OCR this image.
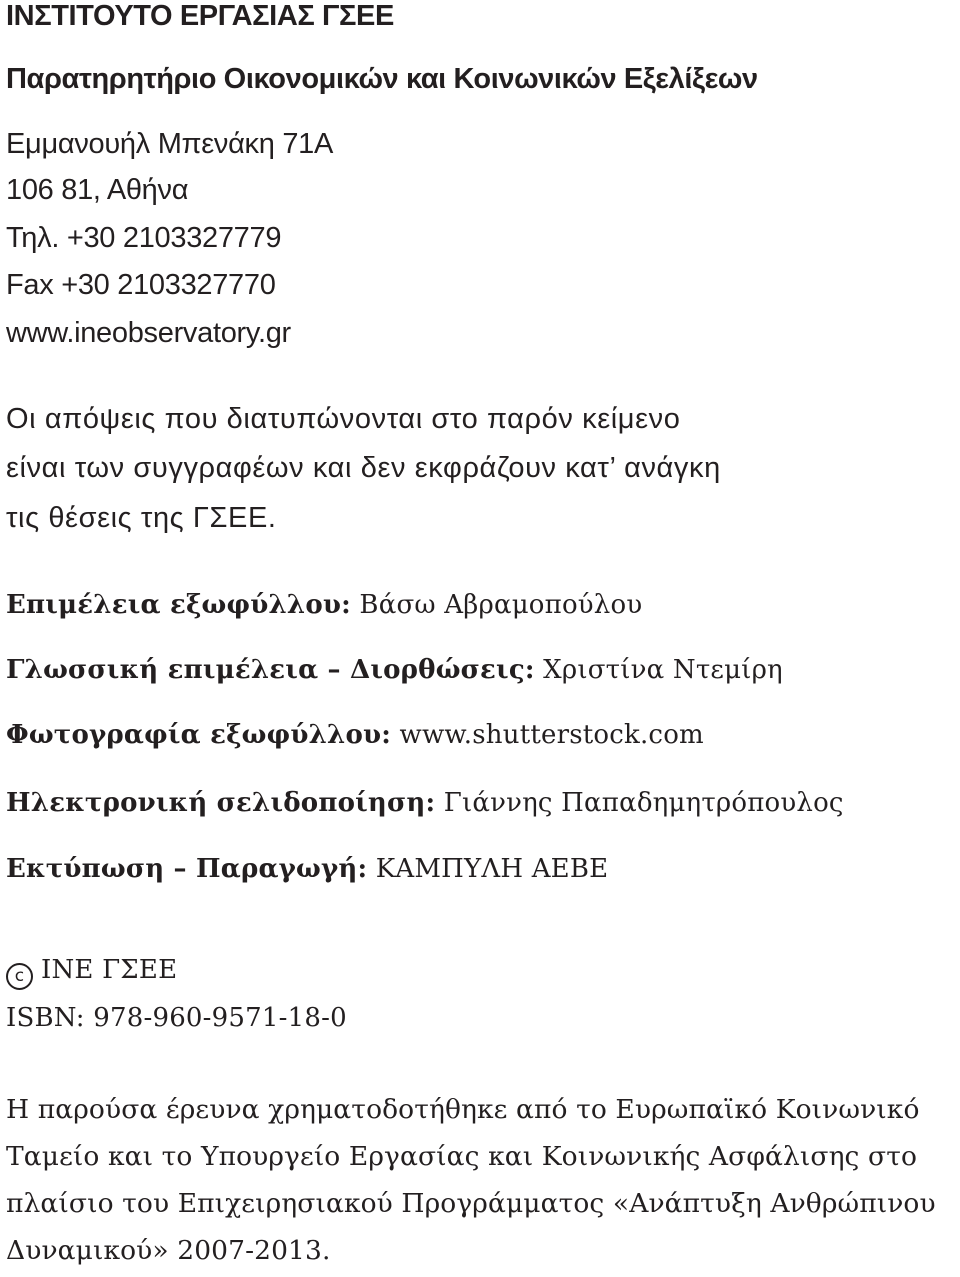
ΙΝΣΤΙΤΟΥΤΟ ΕΡΓΑΣΙΑΣ ΓΣΕΕ
Παρατηρητήριο Οικονομικών και Κοινωνικών Εξελίξεων
Εμμανουήλ Μπενάκη 71Α
106 81, Αθήνα
Τηλ. +30 2103327779
Fax +30 2103327770
www.ineobservatory.gr
Οι απόψεις που διατυπώνονται στο παρόν κείμενο
είναι των συγγραφέων και δεν εκφράζουν κατ’ ανάγκη
τις θέσεις της ΓΣΕΕ.
Επιμέλεια εξωφύλλου: Βάσω Αβραμοπούλου
Γλωσσική επιμέλεια – Διορθώσεις: Χριστίνα Ντεμίρη
Φωτογραφία εξωφύλλου: www.shutterstock.com
Ηλεκτρονική σελιδοποίηση: Γιάννης Παπαδημητρόπουλος
Εκτύπωση – Παραγωγή: ΚΑΜΠΥΛΗ ΑΕΒΕ
c ΙΝΕ ΓΣΕΕ
ISBN: 978-960-9571-18-0
Η παρούσα έρευνα χρηματοδοτήθηκε από το Ευρωπαϊκό Κοινωνικό
Ταμείο και το Υπουργείο Εργασίας και Κοινωνικής Ασφάλισης στο
πλαίσιο του Επιχειρησιακού Προγράμματος «Ανάπτυξη Ανθρώπινου
Δυναμικού» 2007-2013.
